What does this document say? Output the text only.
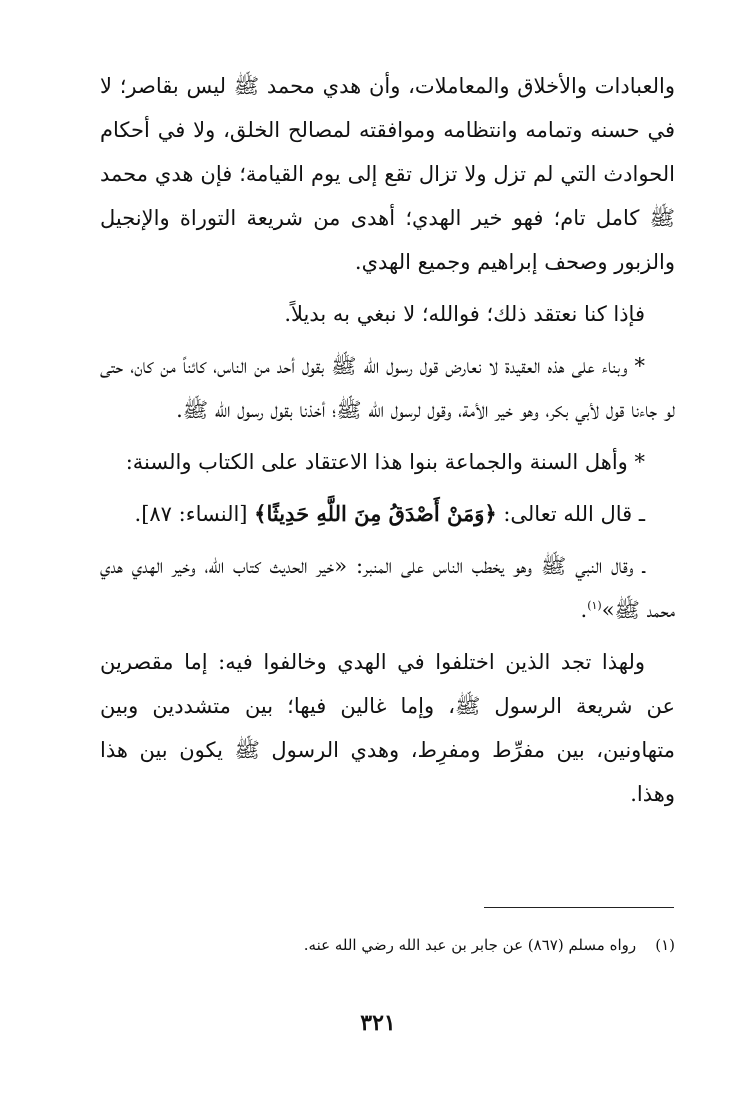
والعبادات والأخلاق والمعاملات، وأن هدي محمد ﷺ ليس بقاصر؛ لا في حسنه وتمامه وانتظامه وموافقته لمصالح الخلق، ولا في أحكام الحوادث التي لم تزل ولا تزال تقع إلى يوم القيامة؛ فإن هدي محمد ﷺ كامل تام؛ فهو خير الهدي؛ أهدى من شريعة التوراة والإنجيل والزبور وصحف إبراهيم وجميع الهدي.

فإذا كنا نعتقد ذلك؛ فوالله؛ لا نبغي به بديلاً.

* وبناء على هذه العقيدة لا نعارض قول رسول الله ﷺ بقول أحد من الناس، كائناً من كان، حتى لو جاءنا قول لأبي بكر، وهو خير الأمة، وقول لرسول الله ﷺ؛ أخذنا بقول رسول الله ﷺ.

* وأهل السنة والجماعة بنوا هذا الاعتقاد على الكتاب والسنة:

ـ قال الله تعالى: ﴿وَمَنْ أَصْدَقُ مِنَ اللَّهِ حَدِيثًا﴾ [النساء: ٨٧].

ـ وقال النبي ﷺ وهو يخطب الناس على المنبر: «خير الحديث كتاب الله، وخير الهدي هدي محمد ﷺ»$^{(١)}$.

ولهذا تجد الذين اختلفوا في الهدي وخالفوا فيه: إما مقصرين عن شريعة الرسول ﷺ، وإما غالين فيها؛ بين متشددين وبين متهاونين، بين مفرِّط ومفرِط، وهدي الرسول ﷺ يكون بين هذا وهذا.

(١)    رواه مسلم (٨٦٧) عن جابر بن عبد الله رضي الله عنه.
٣٢١
